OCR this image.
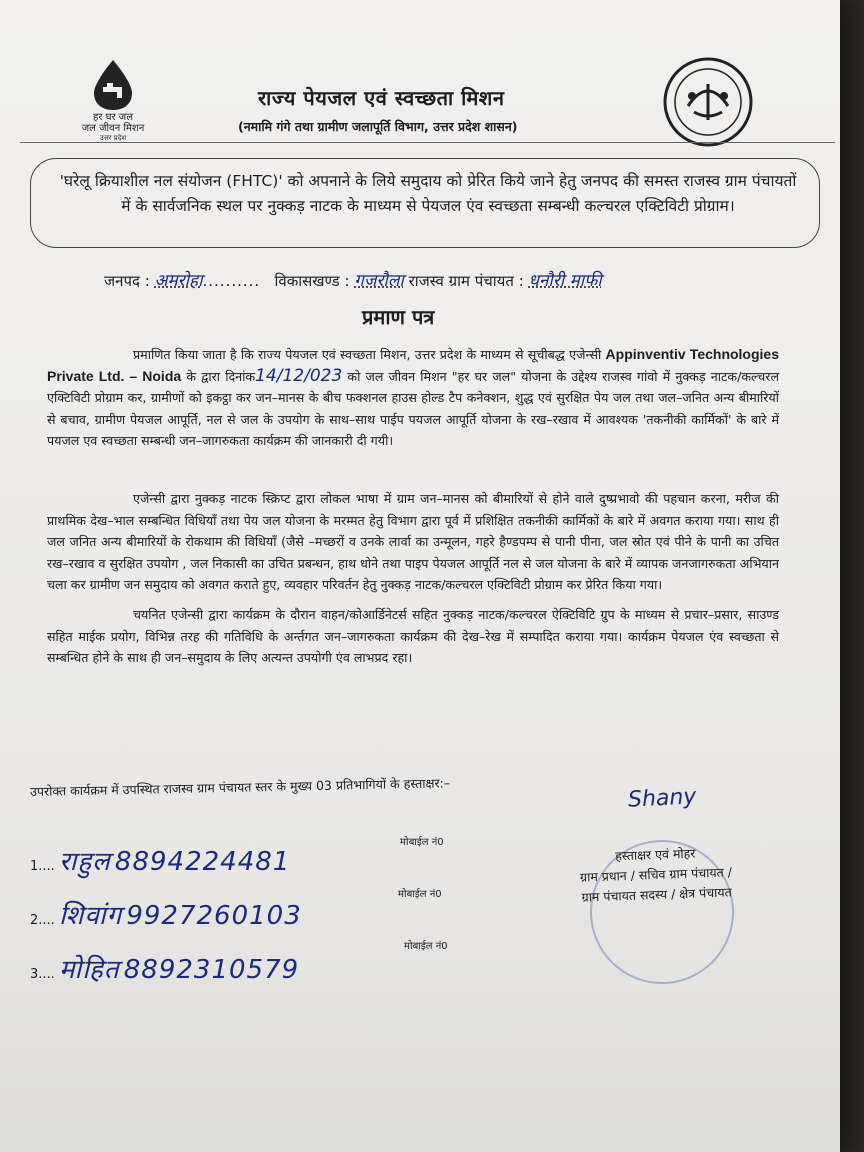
हर घर जल
जल जीवन मिशन
उत्तर प्रदेश
राज्य पेयजल एवं स्वच्छता मिशन
(नमामि गंगे तथा ग्रामीण जलापूर्ति विभाग, उत्तर प्रदेश शासन)
'घरेलू क्रियाशील नल संयोजन (FHTC)' को अपनाने के लिये समुदाय को प्रेरित किये जाने हेतु जनपद की समस्त राजस्व ग्राम पंचायतों में के सार्वजनिक स्थल पर नुक्कड़ नाटक के माध्यम से पेयजल एंव स्वच्छता सम्बन्धी कल्चरल एक्टिविटी प्रोग्राम।
जनपद : अमरोहा.......... विकासखण्ड : गजरौला राजस्व ग्राम पंचायत : धनौरी माफी
प्रमाण पत्र
प्रमाणित किया जाता है कि राज्य पेयजल एवं स्वच्छता मिशन, उत्तर प्रदेश के माध्यम से सूचीबद्ध एजेन्सी Appinventiv Technologies Private Ltd. – Noida के द्वारा दिनांक14/12/023 को जल जीवन मिशन "हर घर जल" योजना के उद्देश्य राजस्व गांवो में नुक्कड़ नाटक/कल्चरल एक्टिविटी प्रोग्राम कर, ग्रामीणों को इकट्ठा कर जन–मानस के बीच फक्शनल हाउस होल्ड टैप कनेक्शन, शुद्ध एवं सुरक्षित पेय जल तथा जल–जनित अन्य बीमारियों से बचाव, ग्रामीण पेयजल आपूर्ति, नल से जल के उपयोग के साथ–साथ पाईप पयजल आपूर्ति योजना के रख–रखाव में आवश्यक 'तकनीकी कार्मिकों' के बारे में पयजल एव स्वच्छता सम्बन्धी जन–जागरुकता कार्यक्रम की जानकारी दी गयी।
एजेन्सी द्वारा नुक्कड़ नाटक स्क्रिप्ट द्वारा लोकल भाषा में ग्राम जन–मानस को बीमारियों से होने वाले दुष्प्रभावो की पहचान करना, मरीज की प्राथमिक देख–भाल सम्बन्धित विधियाँ तथा पेय जल योजना के मरम्मत हेतु विभाग द्वारा पूर्व में प्रशिक्षित तकनीकी कार्मिकों के बारे में अवगत कराया गया। साथ ही जल जनित अन्य बीमारियों के रोकथाम की विधियाँ (जैसे –मच्छरों व उनके लार्वा का उन्मूलन, गहरे हैण्डपम्प से पानी पीना, जल स्रोत एवं पीने के पानी का उचित रख–रखाव व सुरक्षित उपयोग , जल निकासी का उचित प्रबन्धन, हाथ धोने तथा पाइप पेयजल आपूर्ति नल से जल योजना के बारे में व्यापक जनजागरुकता अभियान चला कर ग्रामीण जन समुदाय को अवगत कराते हुए, व्यवहार परिवर्तन हेतु नुक्कड़ नाटक/कल्चरल एक्टिविटी प्रोग्राम कर प्रेरित किया गया।
चयनित एजेन्सी द्वारा कार्यक्रम के दौरान वाहन/कोआर्डिनेटर्स सहित नुक्कड़ नाटक/कल्चरल ऐक्टिविटि ग्रुप के माध्यम से प्रचार–प्रसार, साउण्ड सहित माईक प्रयोग, विभिन्न तरह की गतिविधि के अर्न्तगत जन–जागरुकता कार्यक्रम की देख–रेख में सम्पादित कराया गया। कार्यक्रम पेयजल एंव स्वच्छता से सम्बन्धित होने के साथ ही जन–समुदाय के लिए अत्यन्त उपयोगी एंव लाभप्रद रहा।
उपरोक्त कार्यक्रम में उपस्थित राजस्व ग्राम पंचायत स्तर के मुख्य 03 प्रतिभागियों के हस्ताक्षर:–
1.... राहुल 8894224481
मोबाईल नं0
2.... शिवांग 9927260103
मोबाईल नं0
3.... मोहित 8892310579
मोबाईल नं0
Shany
हस्ताक्षर एवं मोहर
ग्राम प्रधान / सचिव ग्राम पंचायत /
ग्राम पंचायत सदस्य / क्षेत्र पंचायत
